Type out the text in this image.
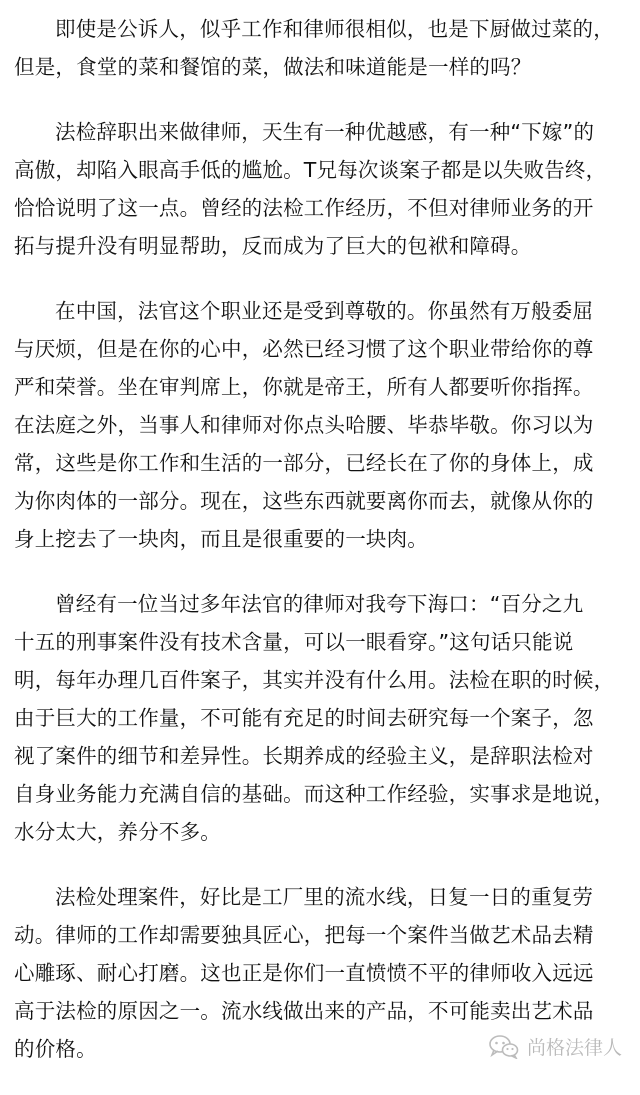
即使是公诉人，似乎工作和律师很相似，也是下厨做过菜的，
但是，食堂的菜和餐馆的菜，做法和味道能是一样的吗？

法检辞职出来做律师，天生有一种优越感，有一种“下嫁”的
高傲，却陷入眼高手低的尴尬。T兄每次谈案子都是以失败告终，
恰恰说明了这一点。曾经的法检工作经历，不但对律师业务的开
拓与提升没有明显帮助，反而成为了巨大的包袱和障碍。

在中国，法官这个职业还是受到尊敬的。你虽然有万般委屈
与厌烦，但是在你的心中，必然已经习惯了这个职业带给你的尊
严和荣誉。坐在审判席上，你就是帝王，所有人都要听你指挥。
在法庭之外，当事人和律师对你点头哈腰、毕恭毕敬。你习以为
常，这些是你工作和生活的一部分，已经长在了你的身体上，成
为你肉体的一部分。现在，这些东西就要离你而去，就像从你的
身上挖去了一块肉，而且是很重要的一块肉。

曾经有一位当过多年法官的律师对我夸下海口：“百分之九
十五的刑事案件没有技术含量，可以一眼看穿。”这句话只能说
明，每年办理几百件案子，其实并没有什么用。法检在职的时候，
由于巨大的工作量，不可能有充足的时间去研究每一个案子，忽
视了案件的细节和差异性。长期养成的经验主义，是辞职法检对
自身业务能力充满自信的基础。而这种工作经验，实事求是地说，
水分太大，养分不多。

法检处理案件，好比是工厂里的流水线，日复一日的重复劳
动。律师的工作却需要独具匠心，把每一个案件当做艺术品去精
心雕琢、耐心打磨。这也正是你们一直愤愤不平的律师收入远远
高于法检的原因之一。流水线做出来的产品，不可能卖出艺术品
的价格。	尚格法律人
